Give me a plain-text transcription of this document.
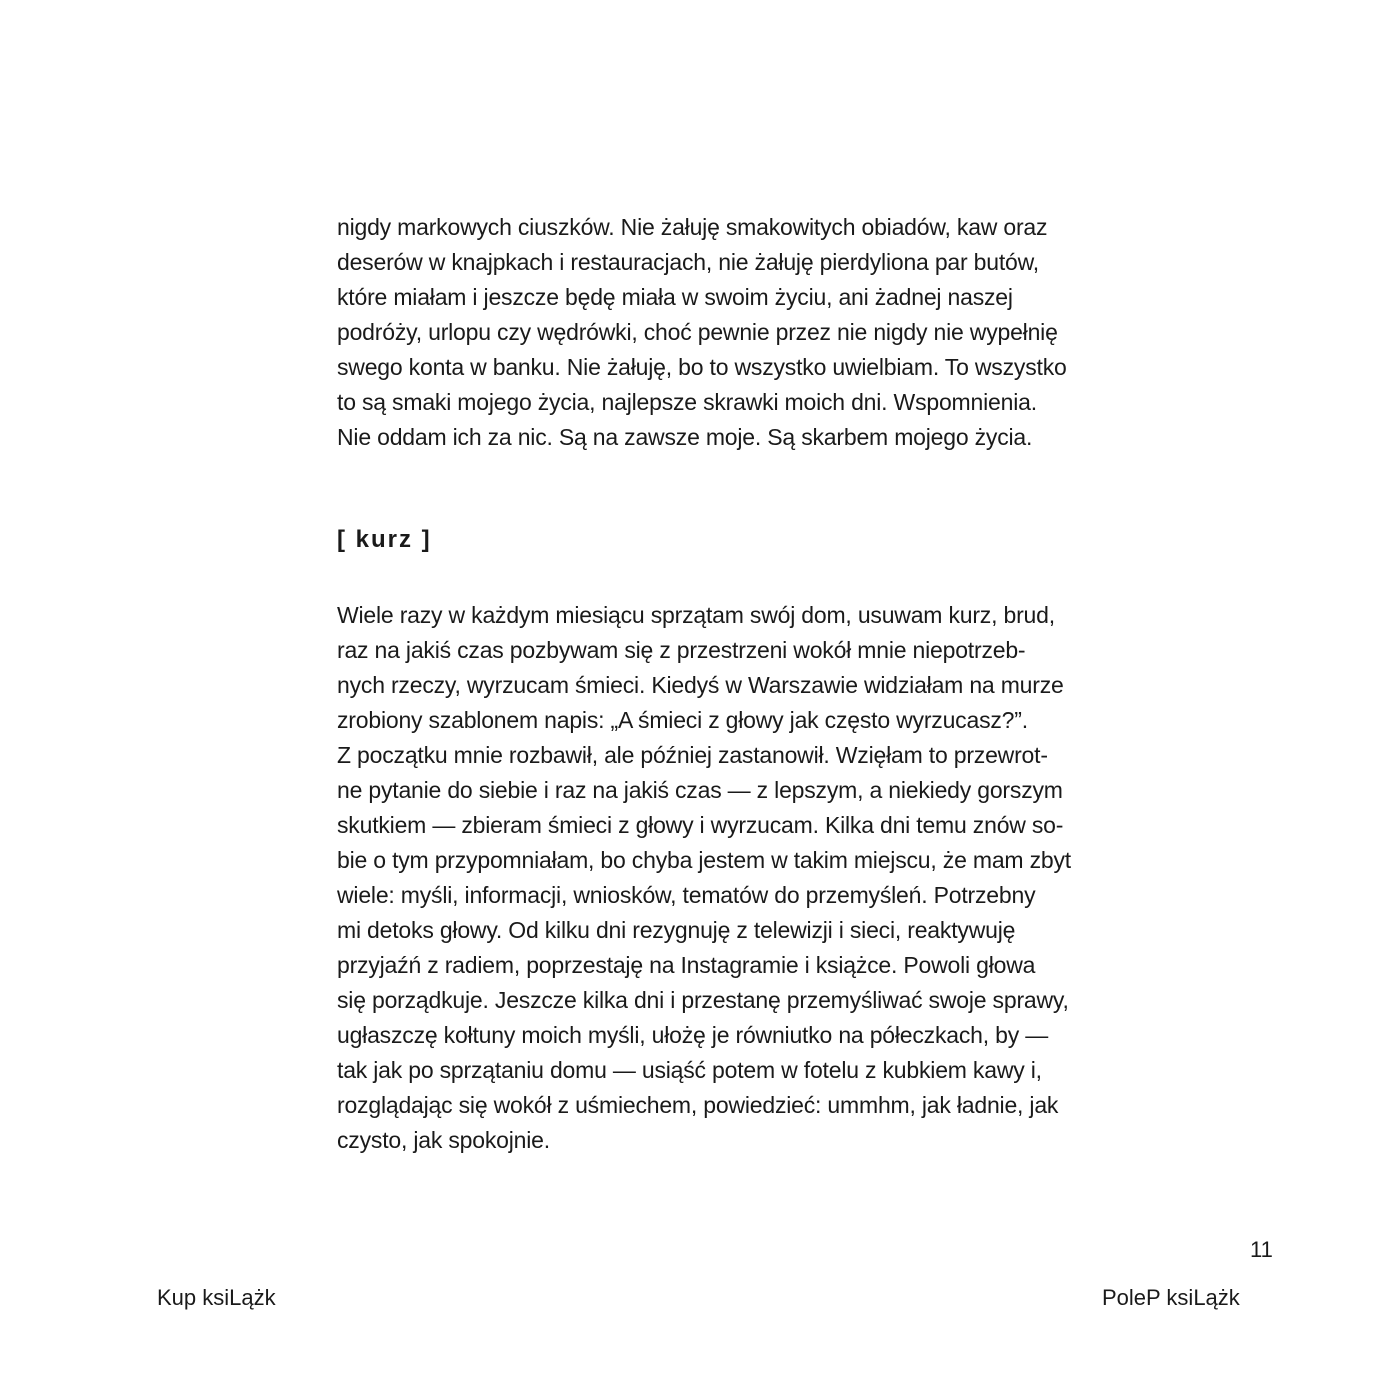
nigdy markowych ciuszków. Nie żałuję smakowitych obiadów, kaw oraz
deserów w knajpkach i restauracjach, nie żałuję pierdyliona par butów,
które miałam i jeszcze będę miała w swoim życiu, ani żadnej naszej
podróży, urlopu czy wędrówki, choć pewnie przez nie nigdy nie wypełnię
swego konta w banku. Nie żałuję, bo to wszystko uwielbiam. To wszystko
to są smaki mojego życia, najlepsze skrawki moich dni. Wspomnienia.
Nie oddam ich za nic. Są na zawsze moje. Są skarbem mojego życia.
[ kurz ]
Wiele razy w każdym miesiącu sprzątam swój dom, usuwam kurz, brud,
raz na jakiś czas pozbywam się z przestrzeni wokół mnie niepotrzeb-
nych rzeczy, wyrzucam śmieci. Kiedyś w Warszawie widziałam na murze
zrobiony szablonem napis: „A śmieci z głowy jak często wyrzucasz?”.
Z początku mnie rozbawił, ale później zastanowił. Wzięłam to przewrot-
ne pytanie do siebie i raz na jakiś czas — z lepszym, a niekiedy gorszym
skutkiem — zbieram śmieci z głowy i wyrzucam. Kilka dni temu znów so-
bie o tym przypomniałam, bo chyba jestem w takim miejscu, że mam zbyt
wiele: myśli, informacji, wniosków, tematów do przemyśleń. Potrzebny
mi detoks głowy. Od kilku dni rezygnuję z telewizji i sieci, reaktywuję
przyjaźń z radiem, poprzestaję na Instagramie i książce. Powoli głowa
się porządkuje. Jeszcze kilka dni i przestanę przemyśliwać swoje sprawy,
ugłaszczę kołtuny moich myśli, ułożę je równiutko na półeczkach, by —
tak jak po sprzątaniu domu — usiąść potem w fotelu z kubkiem kawy i,
rozglądając się wokół z uśmiechem, powiedzieć: ummhm, jak ładnie, jak
czysto, jak spokojnie.
11
Kup ksiLążk	PoleP ksiLążk
